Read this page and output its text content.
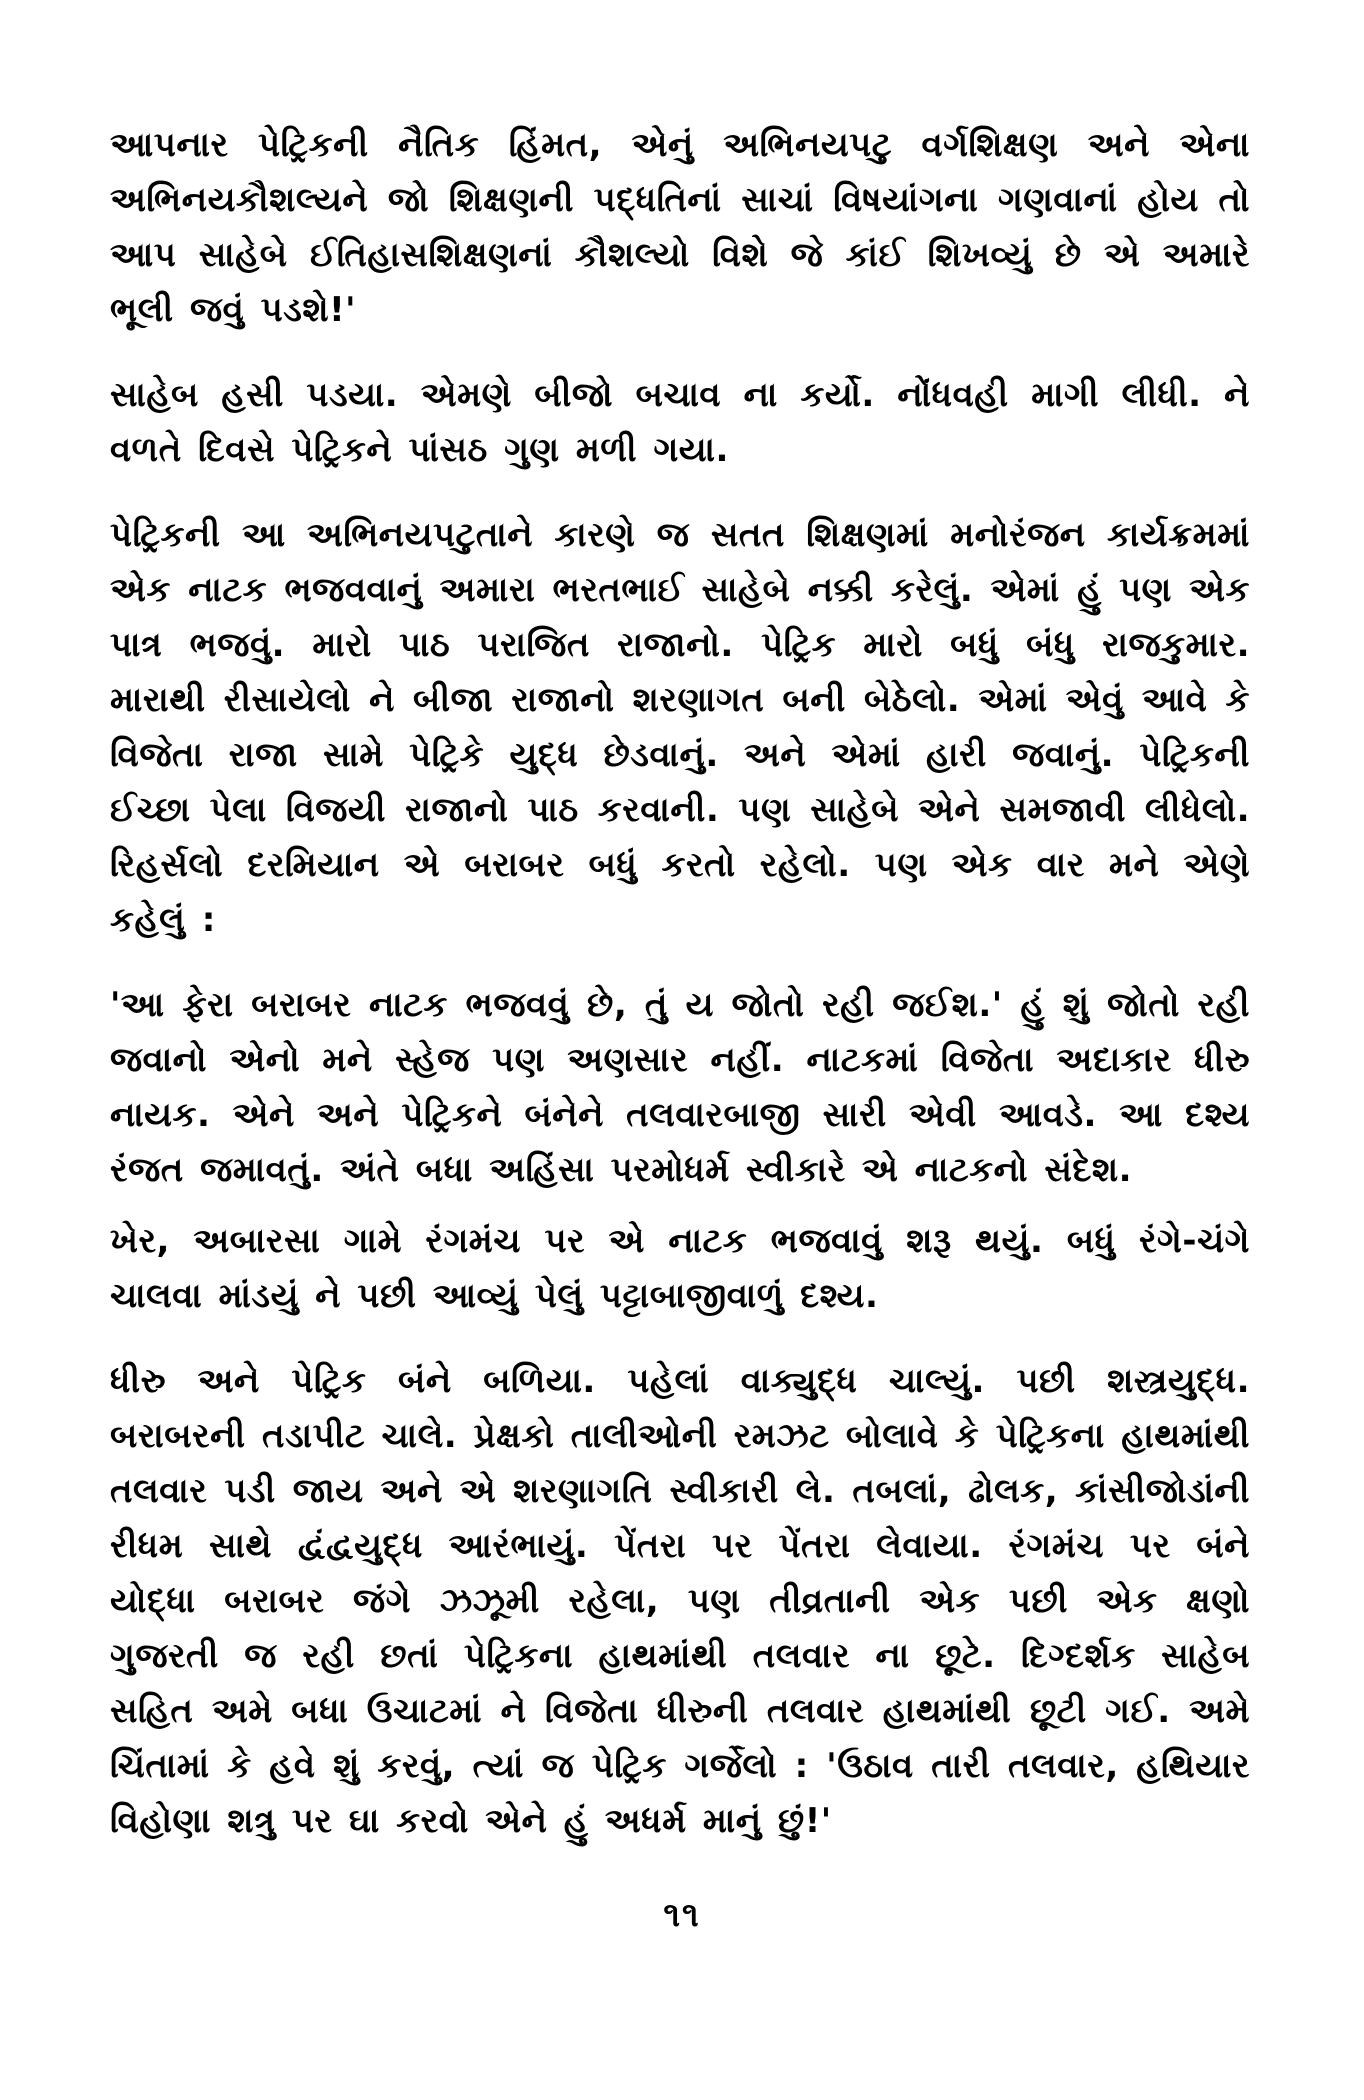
આપનાર પેટ્રિકની નૈતિક હિંમત, એનું અભિનયપટુ વર્ગશિક્ષણ અને એના અભિનયકૌશલ્યને જો શિક્ષણની પદ્ધતિનાં સાચાં વિષયાંગના ગણવાનાં હોય તો આપ સાહેબે ઈતિહાસશિક્ષણનાં કૌશલ્યો વિશે જે કાંઈ શિખવ્યું છે એ અમારે ભૂલી જવું પડશે!'

સાહેબ હસી પડયા. એમણે બીજો બચાવ ના કર્યો. નોંધવહી માગી લીધી. ને વળતે દિવસે પેટ્રિકને પાંસઠ ગુણ મળી ગયા.

પેટ્રિકની આ અભિનયપટુતાને કારણે જ સતત શિક્ષણમાં મનોરંજન કાર્યક્રમમાં એક નાટક ભજવવાનું અમારા ભરતભાઈ સાહેબે નક્કી કરેલું. એમાં હું પણ એક પાત્ર ભજવું. મારો પાઠ પરાજિત રાજાનો. પેટ્રિક મારો બધું બંધુ રાજકુમાર. મારાથી રીસાયેલો ને બીજા રાજાનો શરણાગત બની બેઠેલો. એમાં એવું આવે કે વિજેતા રાજા સામે પેટ્રિકે યુદ્ધ છેડવાનું. અને એમાં હારી જવાનું. પેટ્રિકની ઈચ્છા પેલા વિજયી રાજાનો પાઠ કરવાની. પણ સાહેબે એને સમજાવી લીધેલો. રિહર્સલો દરમિયાન એ બરાબર બધું કરતો રહેલો. પણ એક વાર મને એણે કહેલું :

'આ ફેરા બરાબર નાટક ભજવવું છે, તું ય જોતો રહી જઈશ.' હું શું જોતો રહી જવાનો એનો મને સ્હેજ પણ અણસાર નહીં. નાટકમાં વિજેતા અદાકાર ધીરુ નાયક. એને અને પેટ્રિકને બંનેને તલવારબાજી સારી એવી આવડે. આ દશ્ય રંજત જમાવતું. અંતે બધા અહિંસા પરમોધર્મ સ્વીકારે એ નાટકનો સંદેશ.

ખેર, અબારસા ગામે રંગમંચ પર એ નાટક ભજવાવું શરૂ થયું. બધું રંગે-ચંગે ચાલવા માંડયું ને પછી આવ્યું પેલું પટ્ટાબાજીવાળું દશ્ય.

ધીરુ અને પેટ્રિક બંને બળિયા. પહેલાં વાક્યુદ્ધ ચાલ્યું. પછી શસ્ત્રયુદ્ધ. બરાબરની તડાપીટ ચાલે. પ્રેક્ષકો તાલીઓની રમઝટ બોલાવે કે પેટ્રિકના હાથમાંથી તલવાર પડી જાય અને એ શરણાગતિ સ્વીકારી લે. તબલાં, ઢોલક, કાંસીજોડાંની રીધમ સાથે દ્વંદ્વયુદ્ધ આરંભાયું. પેંતરા પર પેંતરા લેવાયા. રંગમંચ પર બંને યોદ્ધા બરાબર જંગે ઝઝૂમી રહેલા, પણ તીવ્રતાની એક પછી એક ક્ષણો ગુજરતી જ રહી છતાં પેટ્રિકના હાથમાંથી તલવાર ના છૂટે. દિગ્દર્શક સાહેબ સહિત અમે બધા ઉચાટમાં ને વિજેતા ધીરુની તલવાર હાથમાંથી છૂટી ગઈ. અમે ચિંતામાં કે હવે શું કરવું, ત્યાં જ પેટ્રિક ગર્જેલો : 'ઉઠાવ તારી તલવાર, હથિયાર વિહોણા શત્રુ પર ઘા કરવો એને હું અધર્મ માનું છું!'

૧૧
